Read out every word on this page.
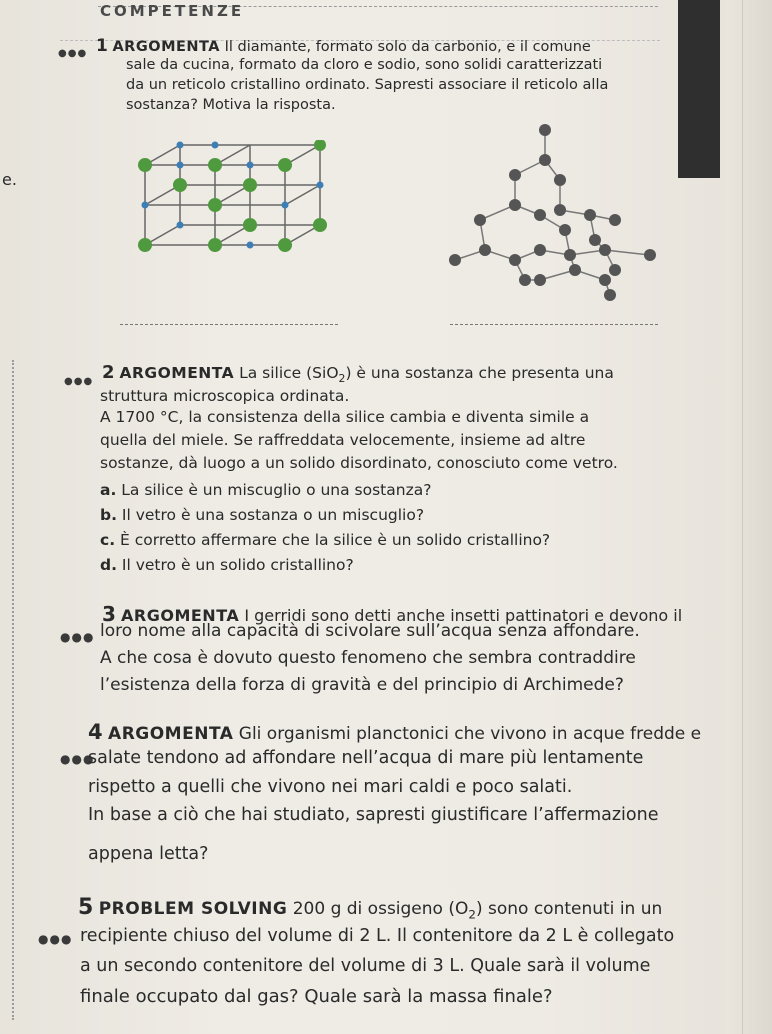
COMPETENZE
e.
●●● 1 ARGOMENTA Il diamante, formato solo da carbonio, e il comune
sale da cucina, formato da cloro e sodio, sono solidi caratterizzati
da un reticolo cristallino ordinato. Sapresti associare il reticolo alla
sostanza? Motiva la risposta.
●●● 2 ARGOMENTA La silice (SiO$_2$) è una sostanza che presenta una
struttura microscopica ordinata.
A 1700 °C, la consistenza della silice cambia e diventa simile a
quella del miele. Se raffreddata velocemente, insieme ad altre
sostanze, dà luogo a un solido disordinato, conosciuto come vetro.
a. La silice è un miscuglio o una sostanza?
b. Il vetro è una sostanza o un miscuglio?
c. È corretto affermare che la silice è un solido cristallino?
d. Il vetro è un solido cristallino?
●●●
3 ARGOMENTA I gerridi sono detti anche insetti pattinatori e devono il
loro nome alla capacità di scivolare sull’acqua senza affondare.
A che cosa è dovuto questo fenomeno che sembra contraddire
l’esistenza della forza di gravità e del principio di Archimede?
●●●
4 ARGOMENTA Gli organismi planctonici che vivono in acque fredde e
salate tendono ad affondare nell’acqua di mare più lentamente
rispetto a quelli che vivono nei mari caldi e poco salati.
In base a ciò che hai studiato, sapresti giustificare l’affermazione
appena letta?
●●●
5 PROBLEM SOLVING 200 g di ossigeno $(O_2)$ sono contenuti in un
recipiente chiuso del volume di 2 L. Il contenitore da 2 L è collegato
a un secondo contenitore del volume di 3 L. Quale sarà il volume
finale occupato dal gas? Quale sarà la massa finale?
